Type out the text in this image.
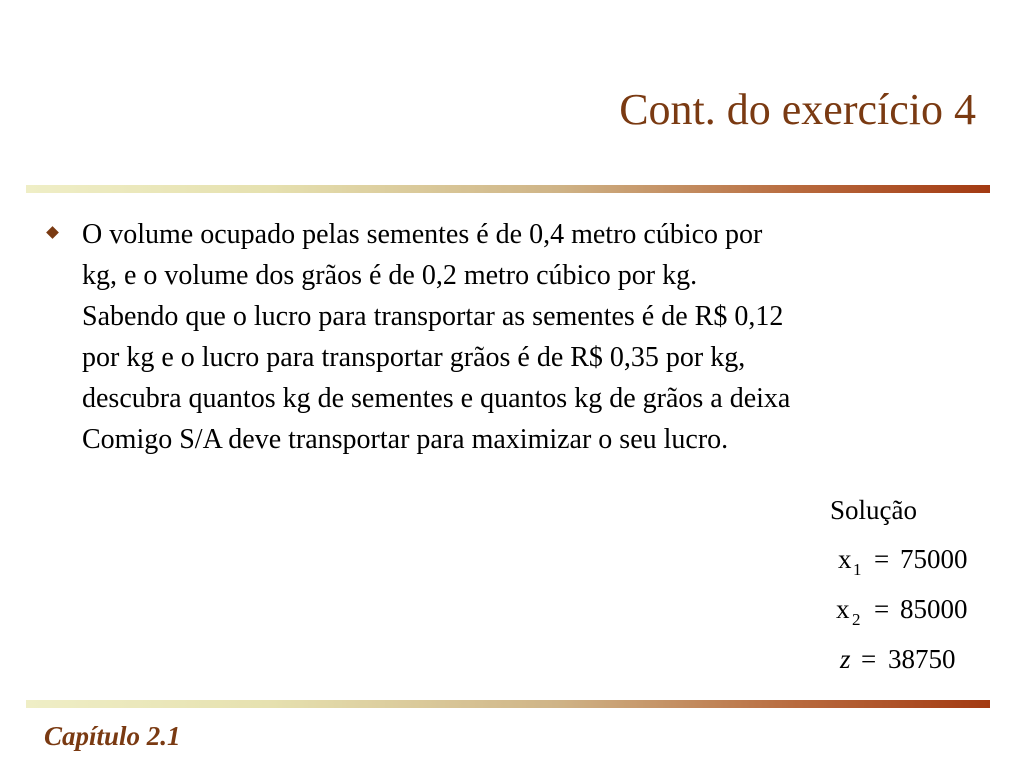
Cont. do exercício 4
O volume ocupado pelas sementes é de 0,4 metro cúbico por kg, e o volume dos grãos é de 0,2 metro cúbico por kg. Sabendo que o lucro para transportar as sementes é de R$ 0,12 por kg e o lucro para transportar grãos é de R$ 0,35 por kg, descubra quantos kg de sementes e quantos kg de grãos a deixa Comigo S/A deve transportar para maximizar o seu lucro.
Solução
x 1 = 75000
x 2 = 85000
z = 38750
Capítulo 2.1
